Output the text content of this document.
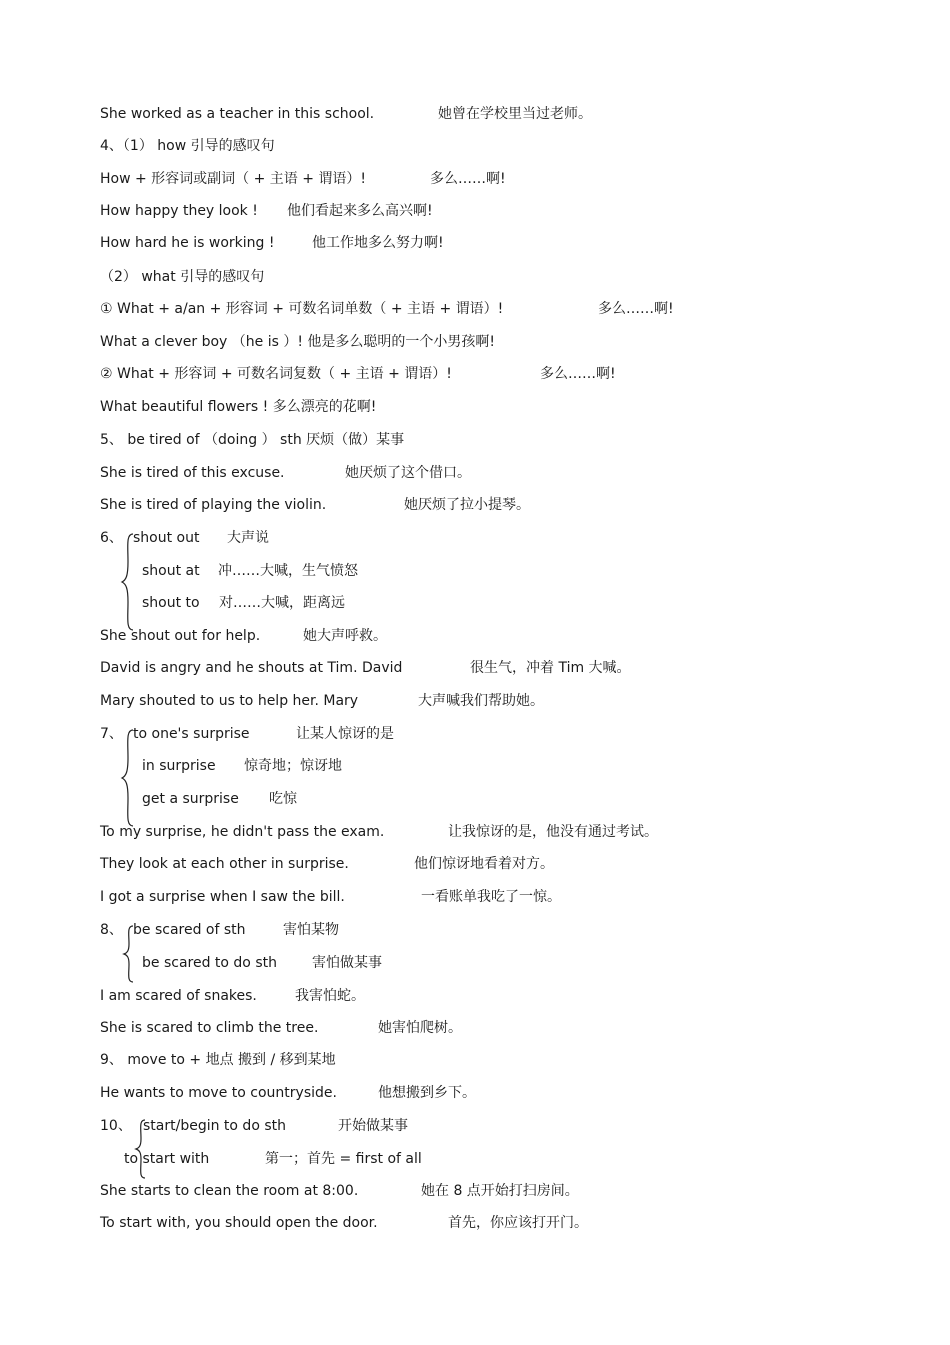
She worked as a teacher in this school.	她曾在学校里当过老师。
4、（1） how 引导的感叹句
How + 形容词或副词（ + 主语 + 谓语）!	多么……啊!
How happy they look ! 他们看起来多么高兴啊!
How hard he is working !	他工作地多么努力啊!
（2） what 引导的感叹句
① What + a/an + 形容词 + 可数名词单数（ + 主语 + 谓语）!	多么……啊!
What a clever boy （he is ）! 他是多么聪明的一个小男孩啊!
② What + 形容词 + 可数名词复数（ + 主语 + 谓语）!	多么……啊!
What beautiful flowers ! 多么漂亮的花啊!
5、 be tired of （doing ） sth 厌烦（做）某事
She is tired of this excuse.	她厌烦了这个借口。
She is tired of playing the violin.	她厌烦了拉小提琴。
6、 shout out 大声说
shout at 冲……大喊，生气愤怒
shout to 对……大喊，距离远
She shout out for help.	她大声呼救。
David is angry and he shouts at Tim. David	很生气，冲着 Tim 大喊。
Mary shouted to us to help her. Mary	大声喊我们帮助她。
7、 to one's surprise	让某人惊讶的是
in surprise 惊奇地；惊讶地
get a surprise 吃惊
To my surprise, he didn't pass the exam.	让我惊讶的是，他没有通过考试。
They look at each other in surprise.	他们惊讶地看着对方。
I got a surprise when I saw the bill.	一看账单我吃了一惊。
8、 be scared of sth	害怕某物
be scared to do sth	害怕做某事
I am scared of snakes.	我害怕蛇。
She is scared to climb the tree.	她害怕爬树。
9、 move to + 地点 搬到 / 移到某地
He wants to move to countryside.	他想搬到乡下。
10、 start/begin to do sth	开始做某事
to start with	第一；首先 = first of all
She starts to clean the room at 8:00.	她在 8 点开始打扫房间。
To start with, you should open the door.	首先，你应该打开门。
